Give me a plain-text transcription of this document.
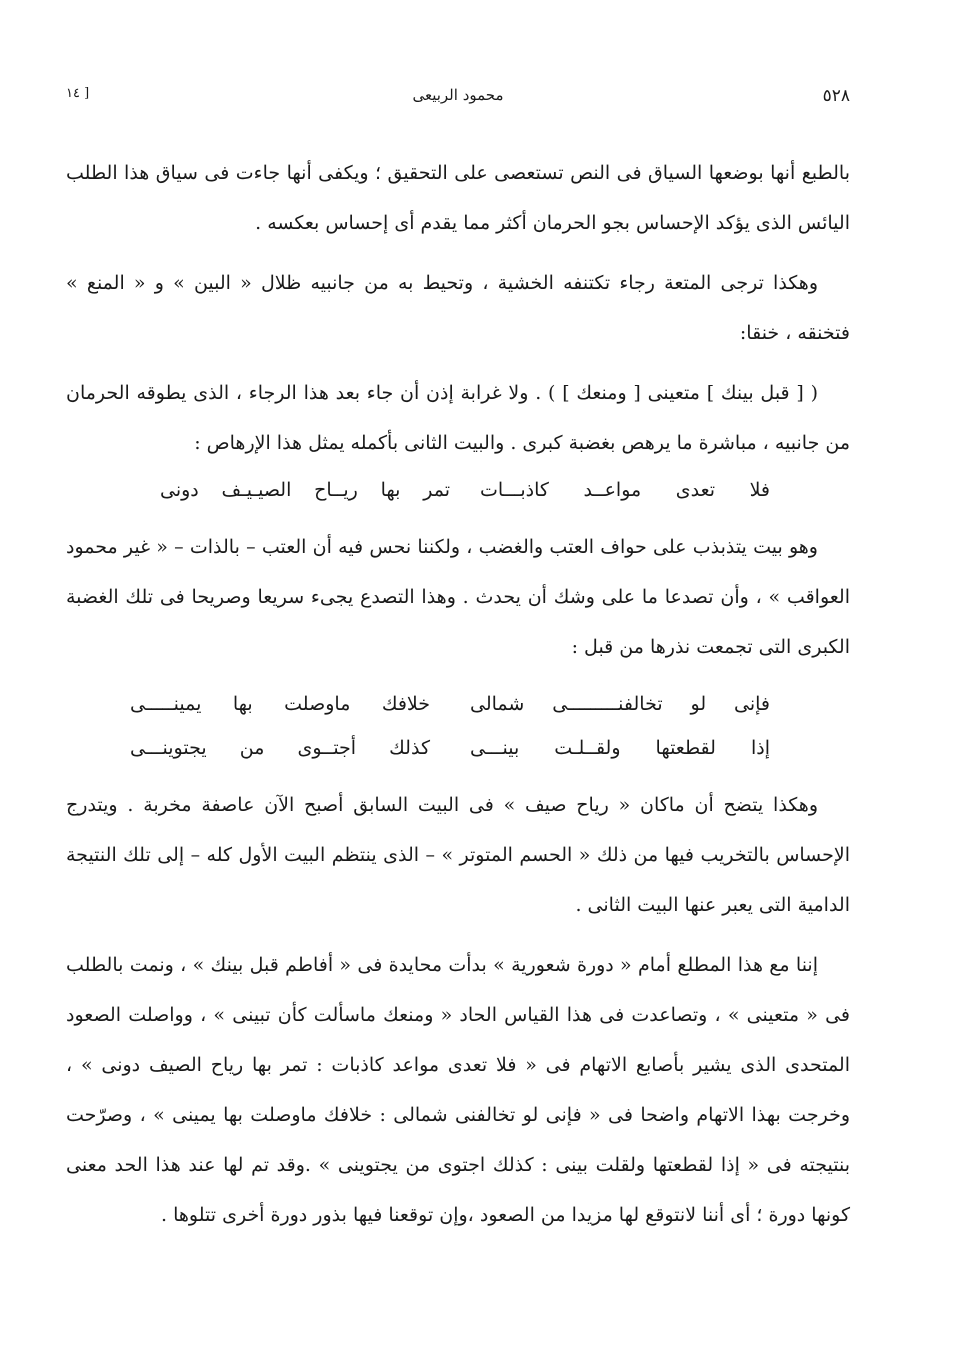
٥٢٨
محمود الربيعى
[ ١٤

بالطبع أنها بوضعها السياق فى النص تستعصى على التحقيق ؛ ويكفى أنها جاءت فى سياق هذا الطلب اليائس الذى يؤكد الإحساس بجو الحرمان أكثر مما يقدم أى إحساس بعكسه .

وهكذا ترجى المتعة رجاء تكتنفه الخشية ، وتحيط به من جانبيه ظلال « البين » و « المنع » فتخنقه ، خنقا:

( [ قبل بينك ] متعينى [ ومنعك ] ) . ولا غرابة إذن أن جاء بعد هذا الرجاء ، الذى يطوقه الحرمان من جانبيه ، مباشرة ما يرهص بغضبة كبرى . والبيت الثانى بأكمله يمثل هذا الإرهاص :

فلا تعدى مواعــد كاذبـــات
تمر بها ريــاح الصيـيـف دونى

وهو بيت يتذبذب على حواف العتب والغضب ، ولكننا نحس فيه أن العتب – بالذات – « غير محمود العواقب » ، وأن تصدعا ما على وشك أن يحدث . وهذا التصدع يجىء سريعا وصريحا فى تلك الغضبة الكبرى التى تجمعت نذرها من قبل :

فإنى لو تخالفنـــــــــى شمالى
خلافك ماوصلت بها يمينـــــى
إذا لقطعتها ولقــلـت بينـــى
كذلك أجتــوى من يجتوينـــى

وهكذا يتضح أن ماكان « رياح صيف » فى البيت السابق أصبح الآن عاصفة مخربة . ويتدرج الإحساس بالتخريب فيها من ذلك « الحسم المتوتر » – الذى ينتظم البيت الأول كله – إلى تلك النتيجة الدامية التى يعبر عنها البيت الثانى .

إننا مع هذا المطلع أمام « دورة شعورية » بدأت محايدة فى « أفاطم قبل بينك » ، ونمت بالطلب فى « متعينى » ، وتصاعدت فى هذا القياس الحاد « ومنعك ماسألت كأن تبينى » ، وواصلت الصعود المتحدى الذى يشير بأصابع الاتهام فى « فلا تعدى مواعد كاذبات : تمر بها رياح الصيف دونى » ، وخرجت بهذا الاتهام واضحا فى « فإنى لو تخالفنى شمالى : خلافك ماوصلت بها يمينى » ، وصرّحت بنتيجته فى « إذا لقطعتها ولقلت بينى : كذلك اجتوى من يجتوينى » .وقد تم لها عند هذا الحد معنى كونها دورة ؛ أى أننا لانتوقع لها مزيدا من الصعود ،وإن توقعنا فيها بذور دورة أخرى تتلوها .
